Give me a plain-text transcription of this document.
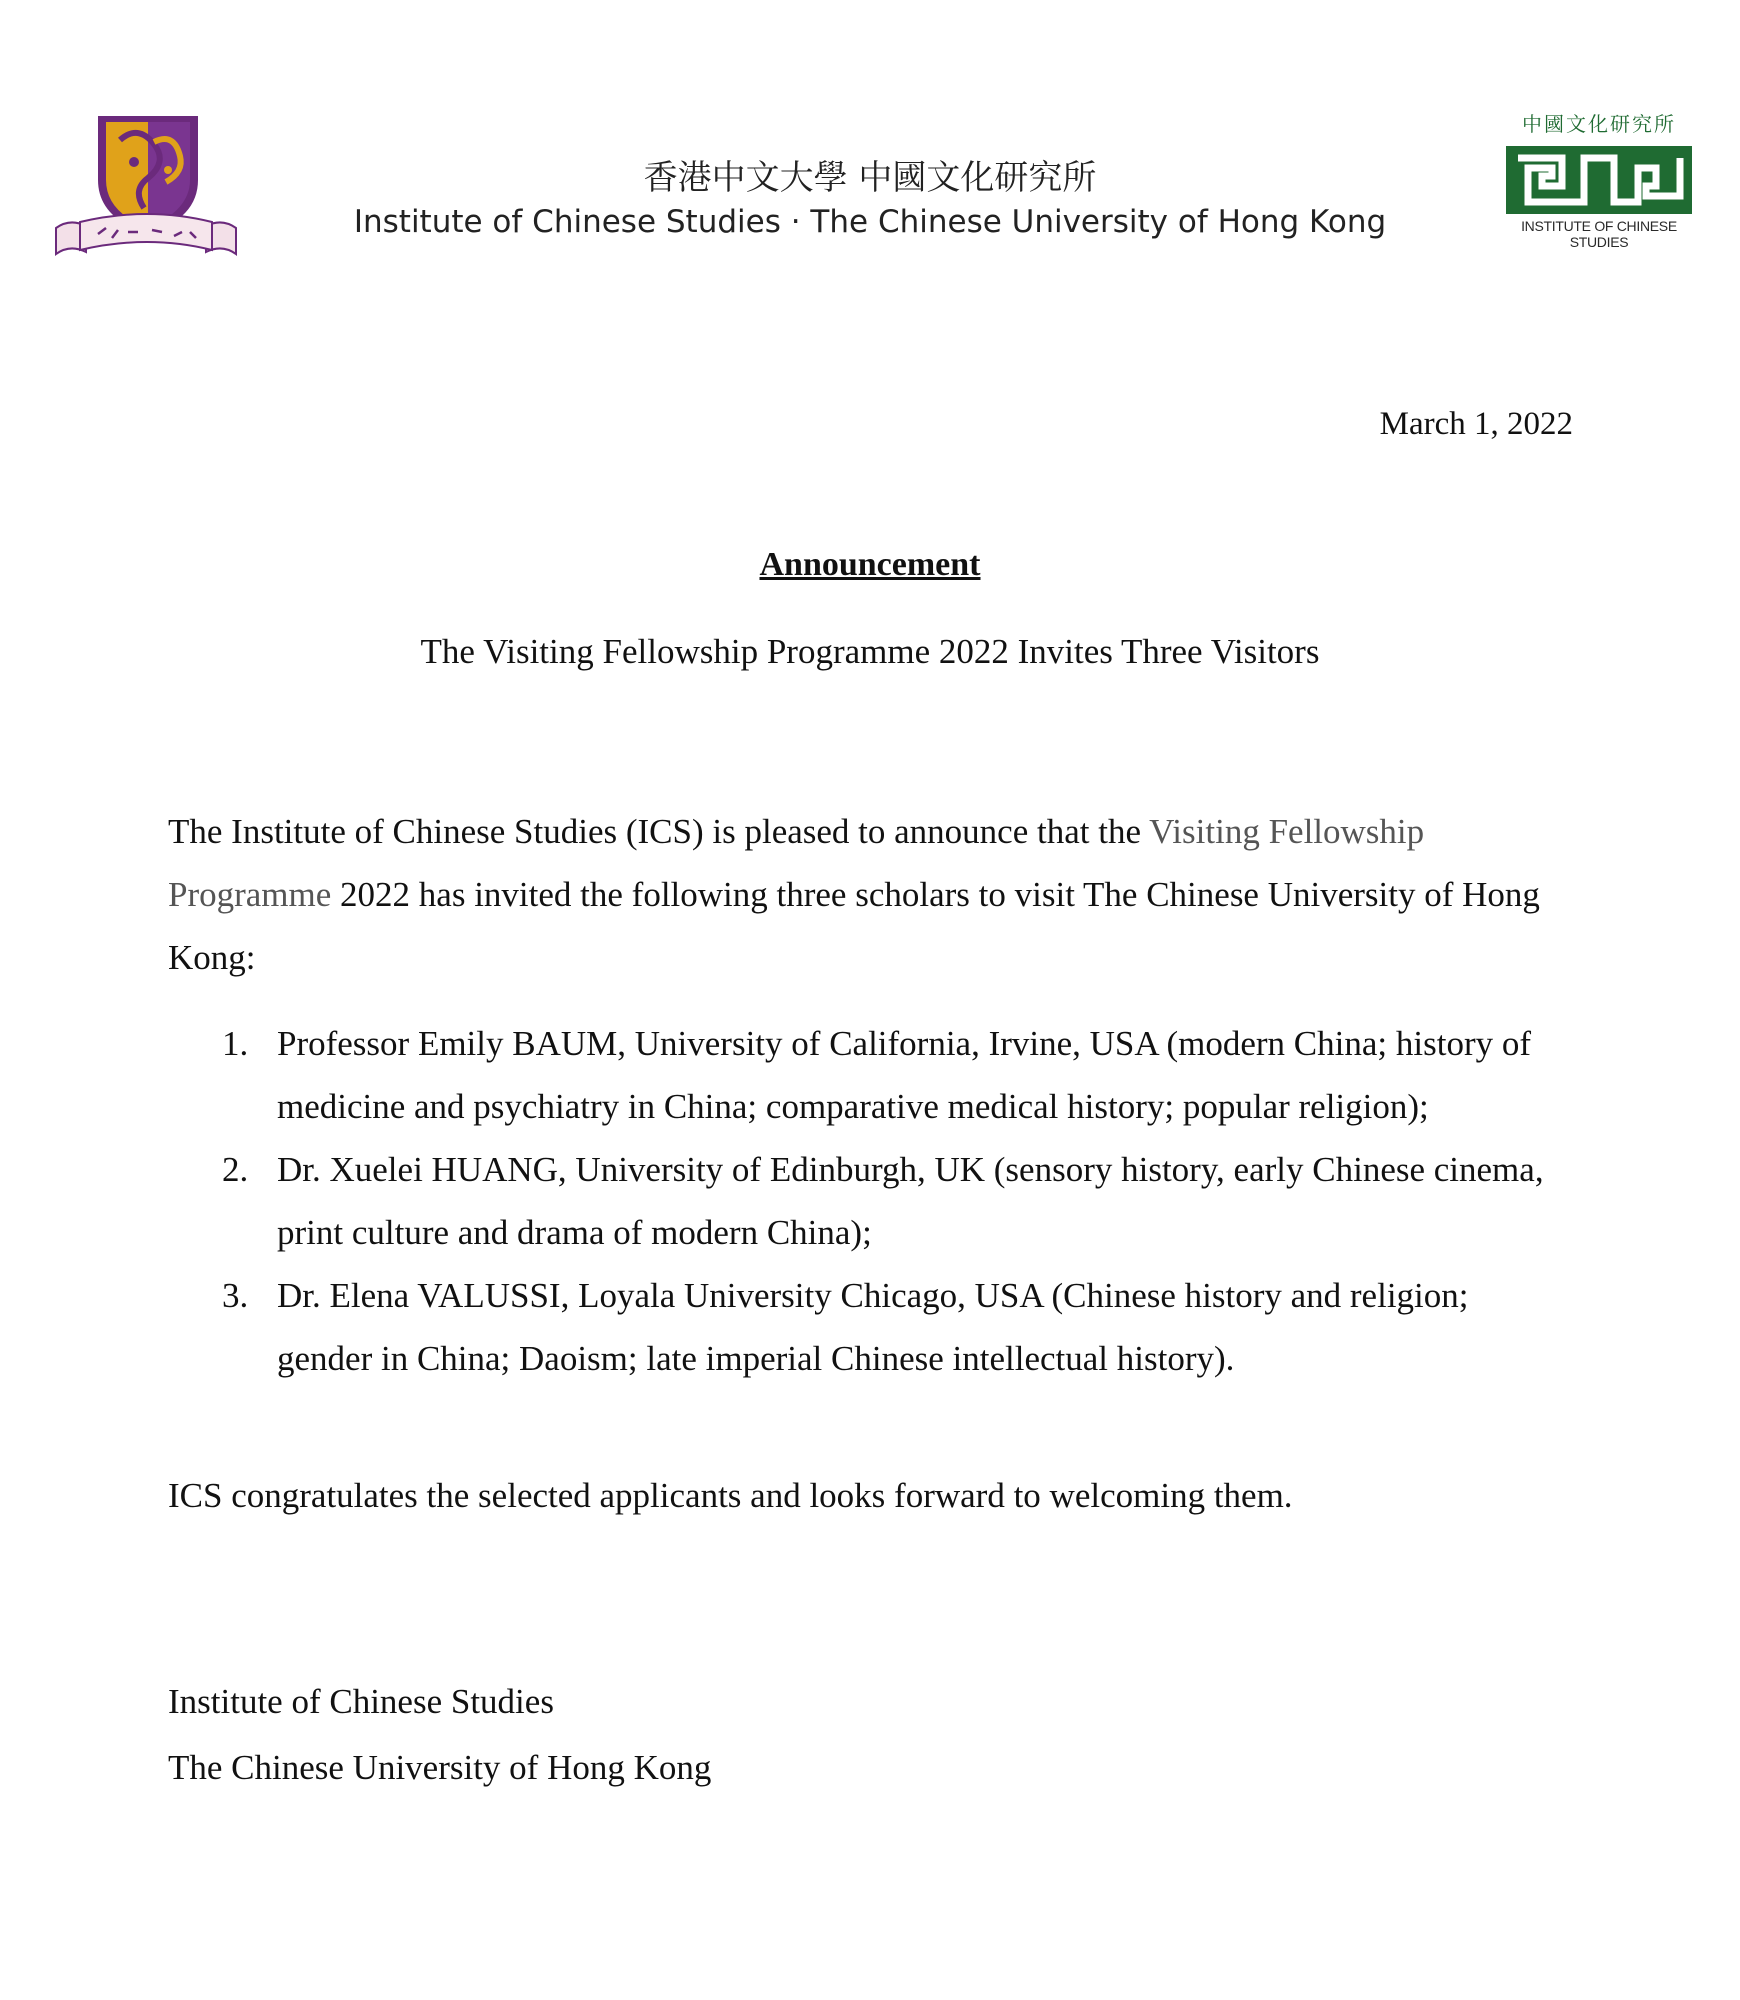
中國文化研究所
INSTITUTE OF CHINESE STUDIES
香港中文大學 中國文化研究所
Institute of Chinese Studies · The Chinese University of Hong Kong
March 1, 2022
Announcement
The Visiting Fellowship Programme 2022 Invites Three Visitors
The Institute of Chinese Studies (ICS) is pleased to announce that the Visiting Fellowship Programme 2022 has invited the following three scholars to visit The Chinese University of Hong Kong:
1. Professor Emily BAUM, University of California, Irvine, USA (modern China; history of medicine and psychiatry in China; comparative medical history; popular religion);
2. Dr. Xuelei HUANG, University of Edinburgh, UK (sensory history, early Chinese cinema, print culture and drama of modern China);
3. Dr. Elena VALUSSI, Loyala University Chicago, USA (Chinese history and religion; gender in China; Daoism; late imperial Chinese intellectual history).
ICS congratulates the selected applicants and looks forward to welcoming them.
Institute of Chinese Studies
The Chinese University of Hong Kong
